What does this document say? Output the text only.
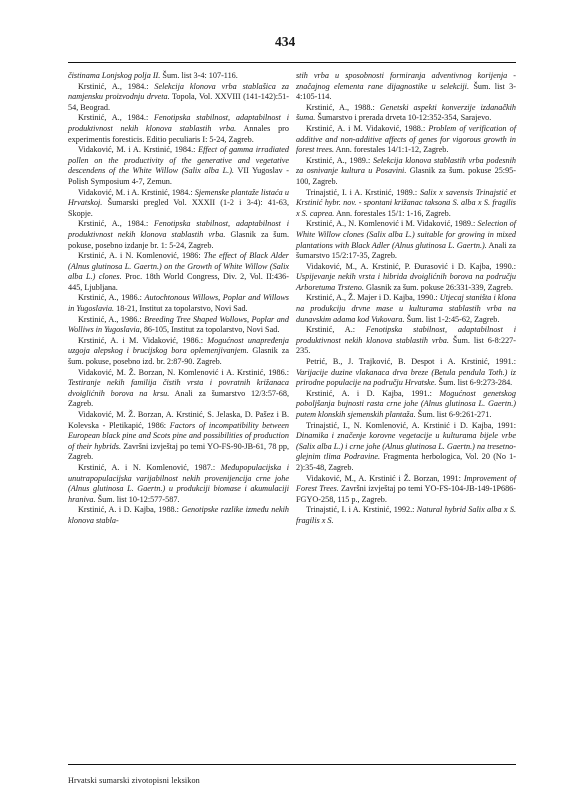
434

čistinama Lonjskog polja II. Šum. list 3-4: 107-116.

Krstinić, A., 1984.: Selekcija klonova vrba stablašica za namjensku proizvodnju drveta. Topola, Vol. XXVIII (141-142):51-54, Beograd.

Krstinić, A., 1984.: Fenotipska stabilnost, adaptabilnost i produktivnost nekih klonova stablastih vrba. Annales pro experimentis foresticis. Editio peculiaris I: 5-24, Zagreb.

Vidaković, M. i A. Krstinić, 1984.: Effect of gamma irradiated pollen on the productivity of the generative and vegetative descendens of the White Willow (Salix alba L.). VII Yugoslav - Polish Symposium 4-7, Zemun.

Vidaković, M. i A. Krstinić, 1984.: Sjemenske plantaže listaća u Hrvatskoj. Šumarski pregled Vol. XXXII (1-2 i 3-4): 41-63, Skopje.

Krstinić, A., 1984.: Fenotipska stabilnost, adaptabilnost i produktivnost nekih klonova stablastih vrba. Glasnik za šum. pokuse, posebno izdanje br. 1: 5-24, Zagreb.

Krstinić, A. i N. Komlenović, 1986: The effect of Black Alder (Alnus glutinosa L. Gaertn.) on the Growth of White Willow (Salix alba L.) clones. Proc. 18th World Congress, Div. 2, Vol. II:436-445, Ljubljana.

Krstinić, A., 1986.: Autochtonous Willows, Poplar and Willows in Yugoslavia. 18-21, Institut za topolarstvo, Novi Sad.

Krstinić, A., 1986.: Breeding Tree Shaped Wollows, Poplar and Wolliws in Yugoslavia, 86-105, Institut za topolarstvo, Novi Sad.

Krstinić, A. i M. Vidaković, 1986.: Mogućnost unapređenja uzgoja alepskog i brucijskog bora oplemenjivanjem. Glasnik za šum. pokuse, posebno izd. br. 2:87-90. Zagreb.

Vidaković, M. Ž. Borzan, N. Komlenović i A. Krstinić, 1986.: Testiranje nekih familija čistih vrsta i povratnih križanaca dvoiglićnih borova na krsu. Anali za šumarstvo 12/3:57-68, Zagreb.

Vidaković, M. Ž. Borzan, A. Krstinić, S. Jelaska, D. Pašez i B. Kolevska - Pletikapić, 1986: Factors of incompatibility between European black pine and Scots pine and possibilities of production of their hybrids. Završni izvještaj po temi YO-FS-90-JB-61, 78 pp, Zagreb.

Krstinić, A. i N. Komlenović, 1987.: Međupopulacijska i unutrapopulacijska varijabilnost nekih provenijencija crne johe (Alnus glutinosa L. Gaertn.) u produkciji biomase i akumulaciji hraniva. Šum. list 10-12:577-587.

Krstinić, A. i D. Kajba, 1988.: Genotipske razlike između nekih klonova stabla-

stih vrba u sposobnosti formiranja adventivnog korijenja - značajnog elementa ranе dijagnostike u selekciji. Šum. list 3-4:105-114.

Krstinić, A., 1988.: Genetski aspekti konverzije izdanačkih šuma. Šumarstvo i prerada drveta 10-12:352-354, Sarajevo.

Krstinić, A. i M. Vidaković, 1988.: Problem of verification of additive and non-additive affects of genes for vigorous growth in forest trees. Ann. forestales 14/1:1-12, Zagreb.

Krstinić, A., 1989.: Selekcija klonova stablastih vrba podesnih za osnivanje kultura u Posavini. Glasnik za šum. pokuse 25:95-100, Zagreb.

Trinajstić, I. i A. Krstinić, 1989.: Salix x savensis Trinajstić et Krstinić hybr. nov. - spontani križanac taksona S. alba x S. fragilis x S. caprea. Ann. forestales 15/1: 1-16, Zagreb.

Krstinić, A., N. Komlenović i M. Vidaković, 1989.: Selection of White Willow clones (Salix alba L.) suitable for growing in mixed plantations with Black Adler (Alnus glutinosa L. Gaertn.). Anali za šumarstvo 15/2:17-35, Zagreb.

Vidaković, M., A. Krstinić, P. Đurasović i D. Kajba, 1990.: Uspijevanje nekih vrsta i hibrida dvoiglićnih borova na području Arboretuma Trsteno. Glasnik za šum. pokuse 26:331-339, Zagreb.

Krstinić, A., Ž. Majer i D. Kajba, 1990.: Utjecaj staništa i klona na produkciju drvne mase u kulturama stablastih vrba na dunavskim adama kod Vukovara. Šum. list 1-2:45-62, Zagreb.

Krstinić, A.: Fenotipska stabilnost, adaptabilnost i produktivnost nekih klonova stablastih vrba. Šum. list 6-8:227-235.

Petrić, B., J. Trajković, B. Despot i A. Krstinić, 1991.: Varijacije duzine vlakanaca drva breze (Betula pendula Toth.) iz prirodne populacije na području Hrvatske. Šum. list 6-9:273-284.

Krstinić, A. i D. Kajba, 1991.: Mogućnost genetskog poboljšanja bujnosti rasta crne johe (Alnus glutinosa L. Gaertn.) putem klonskih sjemenskih plantaža. Šum. list 6-9:261-271.

Trinajstić, I., N. Komlenović, A. Krstinić i D. Kajba, 1991: Dinamika i značenje korovne vegetacije u kulturama bijele vrbe (Salix alba L.) i crne johe (Alnus glutinosa L. Gaertn.) na tresetno-glejnim tlima Podravine. Fragmenta herbologica, Vol. 20 (No 1-2):35-48, Zagreb.

Vidaković, M., A. Krstinić i Ž. Borzan, 1991: Improvement of Forest Trees. Završni izvještaj po temi YO-FS-104-JB-149-1P686-FGYO-258, 115 p., Zagreb.

Trinajstić, I. i A. Krstinić, 1992.: Natural hybrid Salix alba x S. fragilis x S.

Hrvatski sumarski zivotopisni leksikon
